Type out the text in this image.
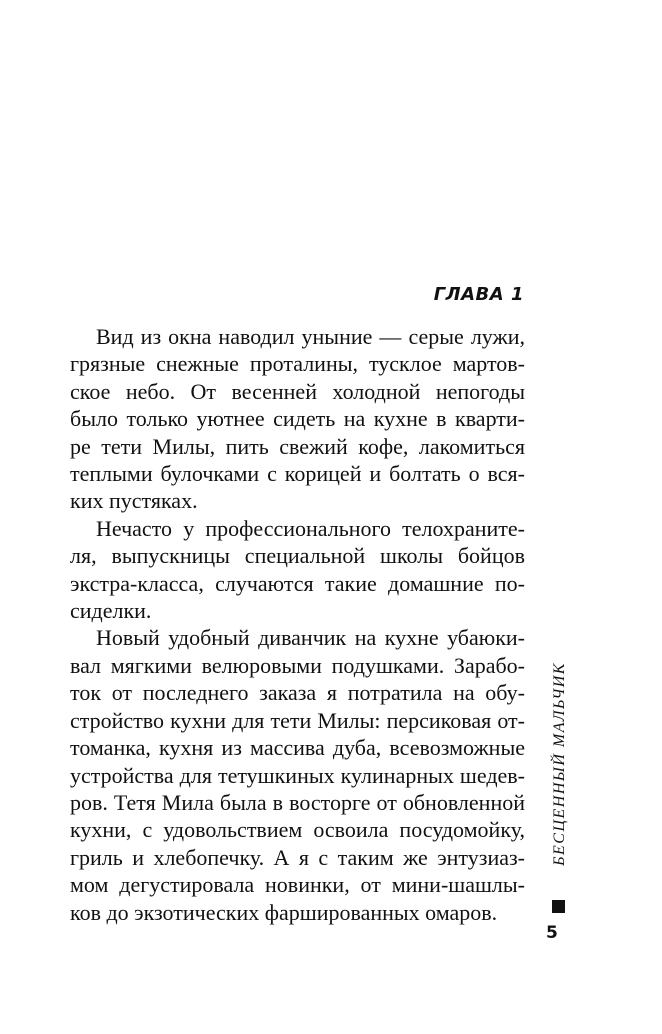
ГЛАВА 1
Вид из окна наводил уныние — серые лужи,
грязные снежные проталины, тусклое мартов-
ское небо. От весенней холодной непогоды
было только уютнее сидеть на кухне в кварти-
ре тети Милы, пить свежий кофе, лакомиться
теплыми булочками с корицей и болтать о вся-
ких пустяках.
Нечасто у профессионального телохраните-
ля, выпускницы специальной школы бойцов
экстра-класса, случаются такие домашние по-
сиделки.
Новый удобный диванчик на кухне убаюки-
вал мягкими велюровыми подушками. Зарабо-
ток от последнего заказа я потратила на обу-
стройство кухни для тети Милы: персиковая от-
томанка, кухня из массива дуба, всевозможные
устройства для тетушкиных кулинарных шедев-
ров. Тетя Мила была в восторге от обновленной
кухни, с удовольствием освоила посудомойку,
гриль и хлебопечку. А я с таким же энтузиаз-
мом дегустировала новинки, от мини-шашлы-
ков до экзотических фаршированных омаров.
БЕСЦЕННЫЙ МАЛЬЧИК
5
